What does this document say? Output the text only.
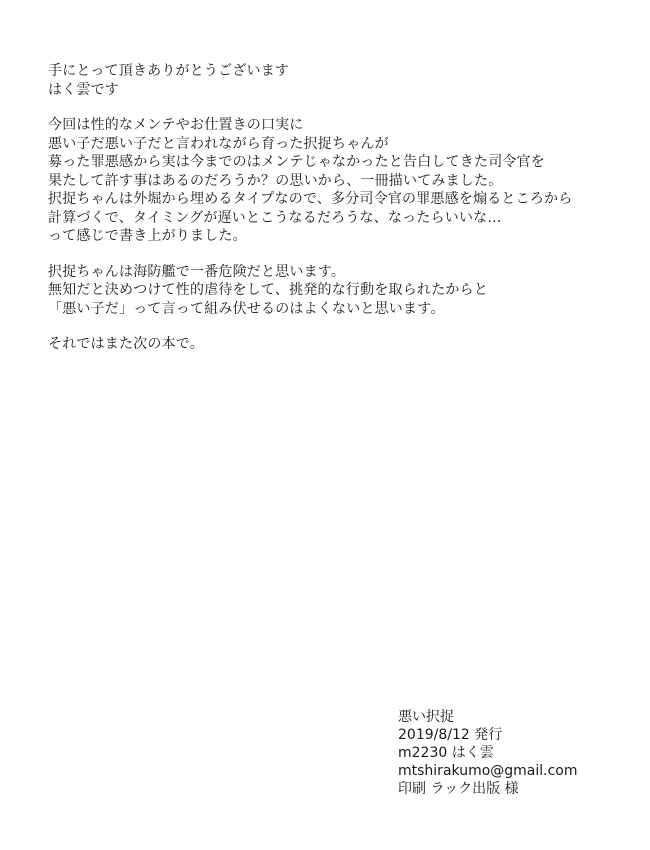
手にとって頂きありがとうございます
はく雲です

今回は性的なメンテやお仕置きの口実に
悪い子だ悪い子だと言われながら育った択捉ちゃんが
募った罪悪感から実は今までのはメンテじゃなかったと告白してきた司令官を
果たして許す事はあるのだろうか？の思いから、一冊描いてみました。
択捉ちゃんは外堀から埋めるタイプなので、多分司令官の罪悪感を煽るところから
計算づくで、タイミングが遅いとこうなるだろうな、なったらいいな…
って感じで書き上がりました。

択捉ちゃんは海防艦で一番危険だと思います。
無知だと決めつけて性的虐待をして、挑発的な行動を取られたからと
「悪い子だ」って言って組み伏せるのはよくないと思います。

それではまた次の本で。

悪い択捉
2019/8/12 発行
m2230 はく雲
mtshirakumo@gmail.com
印刷 ラック出版 様
